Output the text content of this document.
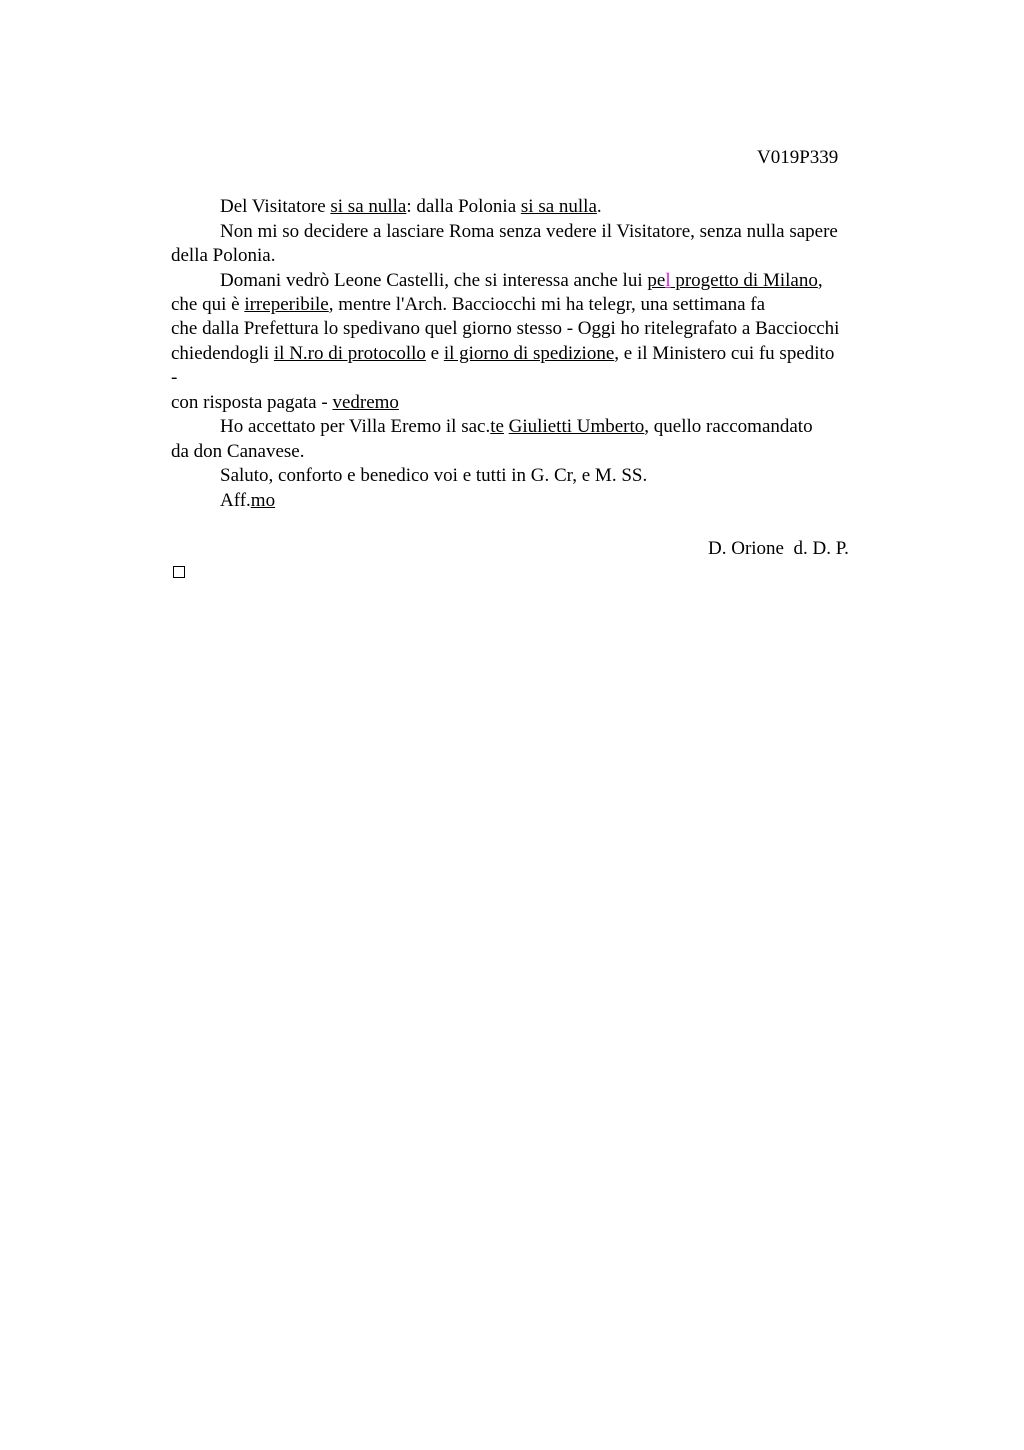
V019P339
Del Visitatore si sa nulla: dalla Polonia si sa nulla.
Non mi so decidere a lasciare Roma senza vedere il Visitatore, senza nulla sapere
della Polonia.
Domani vedrò Leone Castelli, che si interessa anche lui pel progetto di Milano,
che qui è irreperibile, mentre l'Arch. Bacciocchi mi ha telegr, una settimana fa
che dalla Prefettura lo spedivano quel giorno stesso - Oggi ho ritelegrafato a Bacciocchi
chiedendogli il N.ro di protocollo e il giorno di spedizione, e il Ministero cui fu spedito
-
con risposta pagata - vedremo
Ho accettato per Villa Eremo il sac.te Giulietti Umberto, quello raccomandato
da don Canavese.
Saluto, conforto e benedico voi e tutti in G. Cr, e M. SS.
Aff.mo
D. Orione  d. D. P.
